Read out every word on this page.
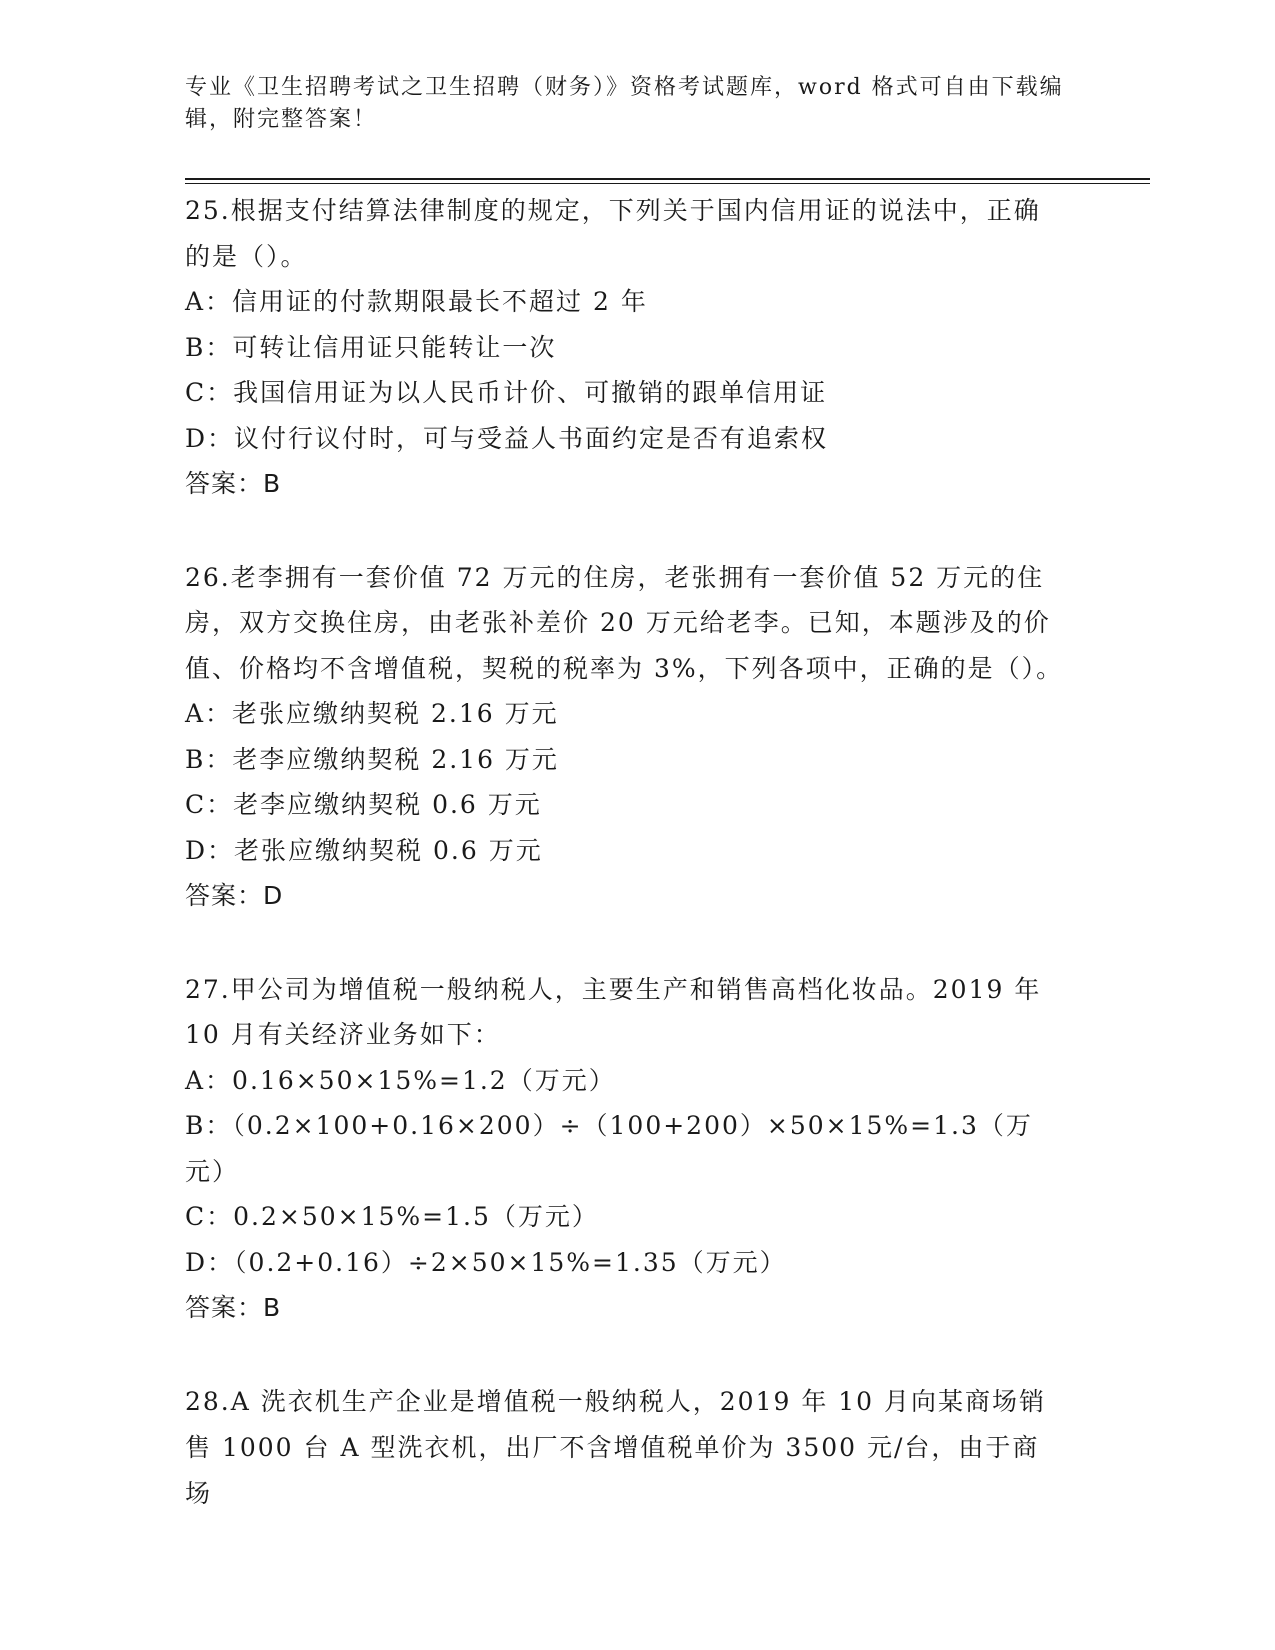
专业《卫生招聘考试之卫生招聘（财务）》资格考试题库，word 格式可自由下载编辑，附完整答案！

25.根据支付结算法律制度的规定，下列关于国内信用证的说法中，正确的是（）。

A：信用证的付款期限最长不超过 2 年

B：可转让信用证只能转让一次

C：我国信用证为以人民币计价、可撤销的跟单信用证

D：议付行议付时，可与受益人书面约定是否有追索权

答案：B

26.老李拥有一套价值 72 万元的住房，老张拥有一套价值 52 万元的住房，双方交换住房，由老张补差价 20 万元给老李。已知，本题涉及的价值、价格均不含增值税，契税的税率为 3%，下列各项中，正确的是（）。

A：老张应缴纳契税 2.16 万元

B：老李应缴纳契税 2.16 万元

C：老李应缴纳契税 0.6 万元

D：老张应缴纳契税 0.6 万元

答案：D

27.甲公司为增值税一般纳税人，主要生产和销售高档化妆品。2019 年 10 月有关经济业务如下：

A：0.16×50×15%=1.2（万元）

B：（0.2×100+0.16×200）÷（100+200）×50×15%=1.3（万元）

C：0.2×50×15%=1.5（万元）

D：（0.2+0.16）÷2×50×15%=1.35（万元）

答案：B

28.A 洗衣机生产企业是增值税一般纳税人，2019 年 10 月向某商场销售 1000 台 A 型洗衣机，出厂不含增值税单价为 3500 元/台，由于商场
